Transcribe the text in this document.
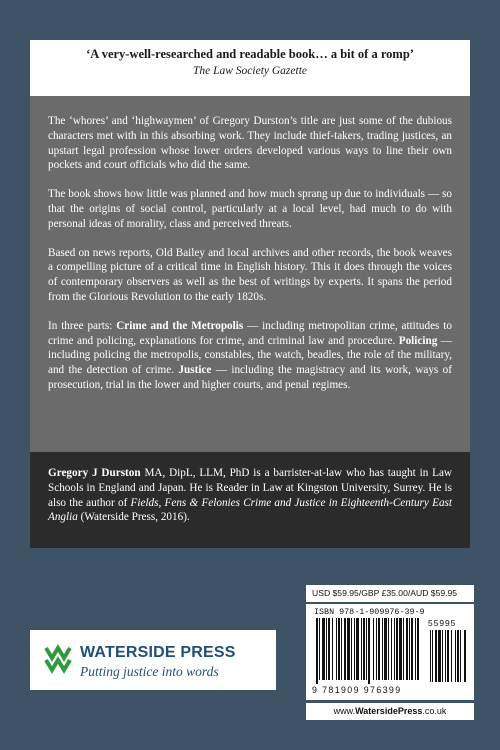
‘A very-well-researched and readable book… a bit of a romp’
The Law Society Gazette

The ‘whores’ and ‘highwaymen’ of Gregory Durston’s title are just some of the dubious characters met with in this absorbing work. They include thief-takers, trading justices, an upstart legal profession whose lower orders developed various ways to line their own pockets and court officials who did the same.

The book shows how little was planned and how much sprang up due to individuals — so that the origins of social control, particularly at a local level, had much to do with personal ideas of morality, class and perceived threats.

Based on news reports, Old Bailey and local archives and other records, the book weaves a compelling picture of a critical time in English history. This it does through the voices of contemporary observers as well as the best of writings by experts. It spans the period from the Glorious Revolution to the early 1820s.

In three parts: Crime and the Metropolis — including metropolitan crime, attitudes to crime and policing, explanations for crime, and criminal law and procedure. Policing — including policing the metropolis, constables, the watch, beadles, the role of the military, and the detection of crime. Justice — including the magistracy and its work, ways of prosecution, trial in the lower and higher courts, and penal regimes.

Gregory J Durston MA, DipL, LLM, PhD is a barrister-at-law who has taught in Law Schools in England and Japan. He is Reader in Law at Kingston University, Surrey. He is also the author of Fields, Fens & Felonies Crime and Justice in Eighteenth-Century East Anglia (Waterside Press, 2016).

WATERSIDE PRESS
Putting justice into words
USD $59.95/GBP £35.00/AUD $59.95
ISBN 978-1-909976-39-9
55995
9 781909 976399
www.WatersidePress.co.uk
